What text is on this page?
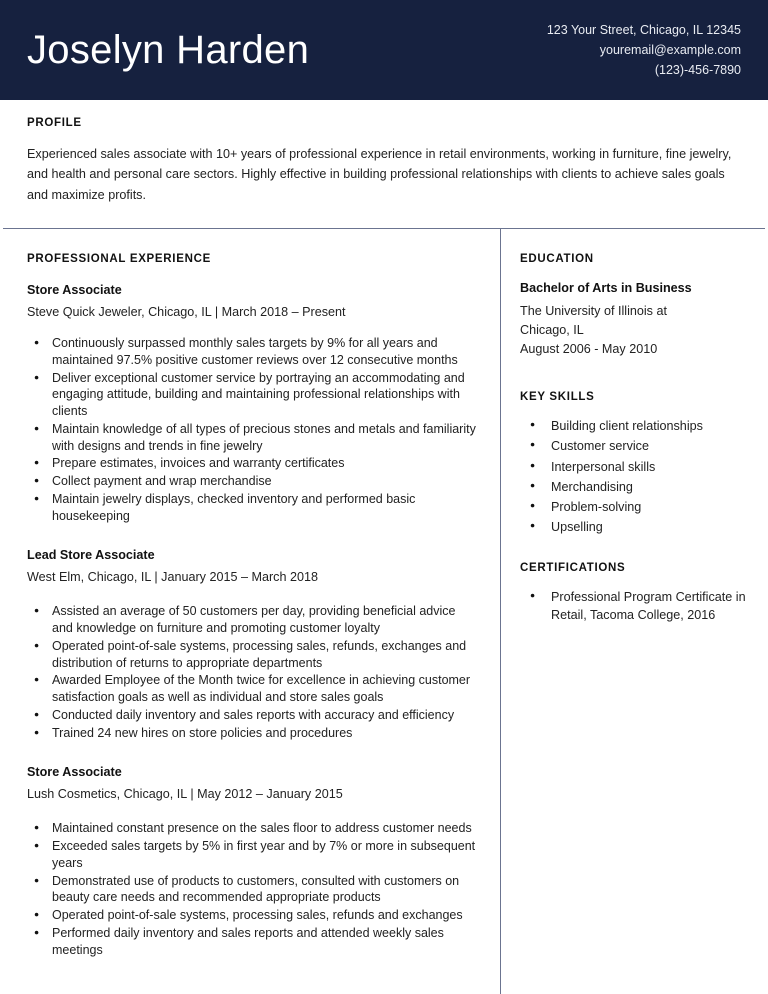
Joselyn Harden	123 Your Street, Chicago, IL 12345
youremail@example.com
(123)-456-7890
PROFILE
Experienced sales associate with 10+ years of professional experience in retail environments, working in furniture, fine jewelry, and health and personal care sectors. Highly effective in building professional relationships with clients to achieve sales goals and maximize profits.
PROFESSIONAL EXPERIENCE
Store Associate
Steve Quick Jeweler, Chicago, IL | March 2018 – Present
● Continuously surpassed monthly sales targets by 9% for all years and maintained 97.5% positive customer reviews over 12 consecutive months
● Deliver exceptional customer service by portraying an accommodating and engaging attitude, building and maintaining professional relationships with clients
● Maintain knowledge of all types of precious stones and metals and familiarity with designs and trends in fine jewelry
● Prepare estimates, invoices and warranty certificates
● Collect payment and wrap merchandise
● Maintain jewelry displays, checked inventory and performed basic housekeeping
Lead Store Associate
West Elm, Chicago, IL | January 2015 – March 2018
● Assisted an average of 50 customers per day, providing beneficial advice and knowledge on furniture and promoting customer loyalty
● Operated point-of-sale systems, processing sales, refunds, exchanges and distribution of returns to appropriate departments
● Awarded Employee of the Month twice for excellence in achieving customer satisfaction goals as well as individual and store sales goals
● Conducted daily inventory and sales reports with accuracy and efficiency
● Trained 24 new hires on store policies and procedures
Store Associate
Lush Cosmetics, Chicago, IL | May 2012 – January 2015
● Maintained constant presence on the sales floor to address customer needs
● Exceeded sales targets by 5% in first year and by 7% or more in subsequent years
● Demonstrated use of products to customers, consulted with customers on beauty care needs and recommended appropriate products
● Operated point-of-sale systems, processing sales, refunds and exchanges
● Performed daily inventory and sales reports and attended weekly sales meetings
EDUCATION
Bachelor of Arts in Business
The University of Illinois at
Chicago, IL
August 2006 - May 2010
KEY SKILLS
● Building client relationships
● Customer service
● Interpersonal skills
● Merchandising
● Problem-solving
● Upselling
CERTIFICATIONS
● Professional Program Certificate in Retail, Tacoma College, 2016
